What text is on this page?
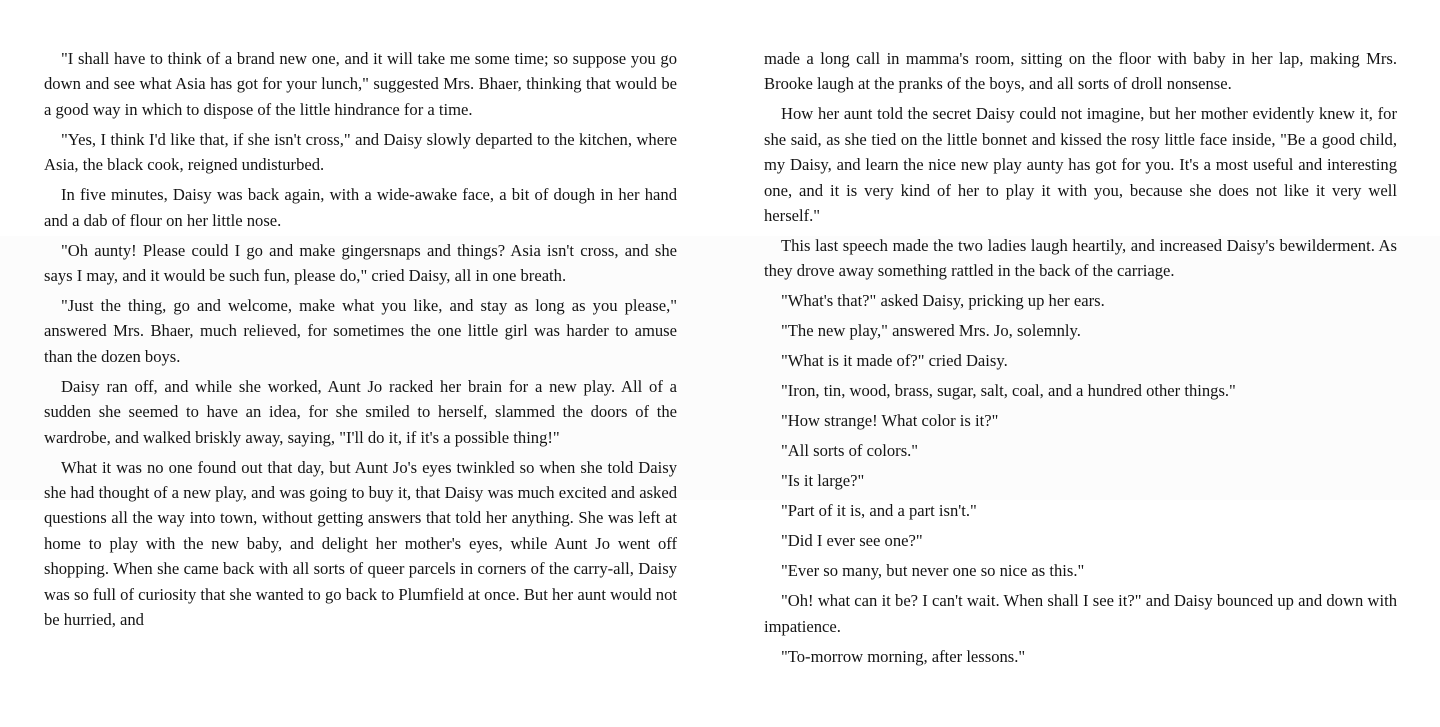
"I shall have to think of a brand new one, and it will take me some time; so suppose you go down and see what Asia has got for your lunch," suggested Mrs. Bhaer, thinking that would be a good way in which to dispose of the little hindrance for a time.

"Yes, I think I'd like that, if she isn't cross," and Daisy slowly departed to the kitchen, where Asia, the black cook, reigned undisturbed.

In five minutes, Daisy was back again, with a wide-awake face, a bit of dough in her hand and a dab of flour on her little nose.

"Oh aunty! Please could I go and make gingersnaps and things? Asia isn't cross, and she says I may, and it would be such fun, please do," cried Daisy, all in one breath.

"Just the thing, go and welcome, make what you like, and stay as long as you please," answered Mrs. Bhaer, much relieved, for sometimes the one little girl was harder to amuse than the dozen boys.

Daisy ran off, and while she worked, Aunt Jo racked her brain for a new play. All of a sudden she seemed to have an idea, for she smiled to herself, slammed the doors of the wardrobe, and walked briskly away, saying, "I'll do it, if it's a possible thing!"

What it was no one found out that day, but Aunt Jo's eyes twinkled so when she told Daisy she had thought of a new play, and was going to buy it, that Daisy was much excited and asked questions all the way into town, without getting answers that told her anything. She was left at home to play with the new baby, and delight her mother's eyes, while Aunt Jo went off shopping. When she came back with all sorts of queer parcels in corners of the carry-all, Daisy was so full of curiosity that she wanted to go back to Plumfield at once. But her aunt would not be hurried, and

made a long call in mamma's room, sitting on the floor with baby in her lap, making Mrs. Brooke laugh at the pranks of the boys, and all sorts of droll nonsense.

How her aunt told the secret Daisy could not imagine, but her mother evidently knew it, for she said, as she tied on the little bonnet and kissed the rosy little face inside, "Be a good child, my Daisy, and learn the nice new play aunty has got for you. It's a most useful and interesting one, and it is very kind of her to play it with you, because she does not like it very well herself."

This last speech made the two ladies laugh heartily, and increased Daisy's bewilderment. As they drove away something rattled in the back of the carriage.

"What's that?" asked Daisy, pricking up her ears.

"The new play," answered Mrs. Jo, solemnly.

"What is it made of?" cried Daisy.

"Iron, tin, wood, brass, sugar, salt, coal, and a hundred other things."

"How strange! What color is it?"

"All sorts of colors."

"Is it large?"

"Part of it is, and a part isn't."

"Did I ever see one?"

"Ever so many, but never one so nice as this."

"Oh! what can it be? I can't wait. When shall I see it?" and Daisy bounced up and down with impatience.

"To-morrow morning, after lessons."
